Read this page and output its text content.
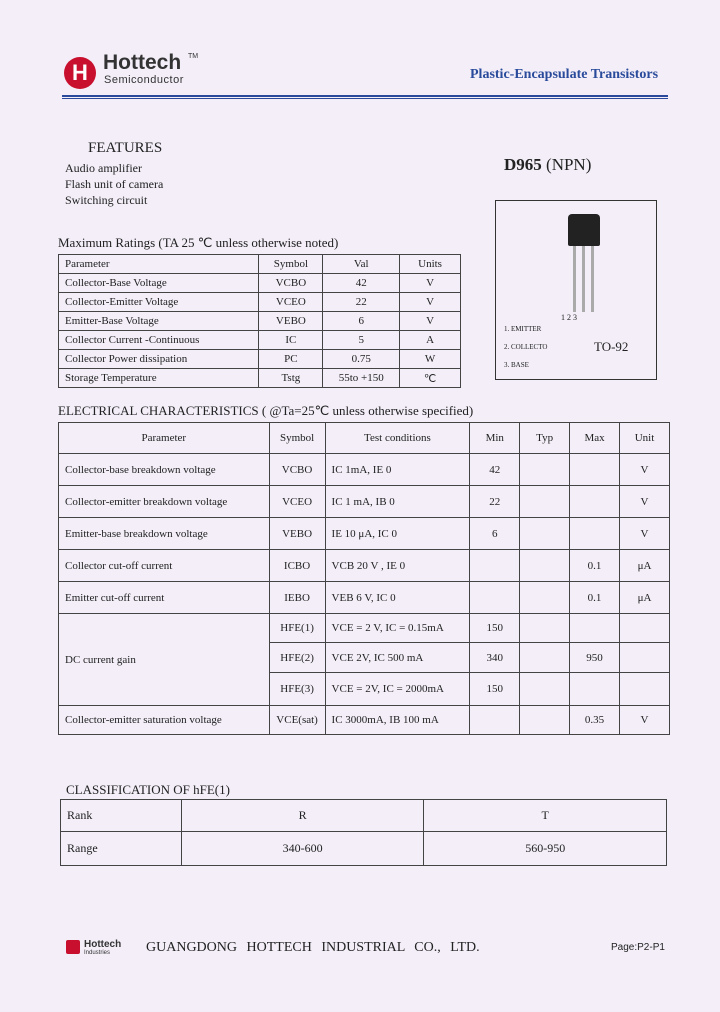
H Hottech TM
Semiconductor	Plastic-Encapsulate Transistors
FEATURES
Audio amplifier
Flash unit of camera
Switching circuit
D965 (NPN)
1 2 3
1. EMITTER
2. COLLECTO
3. BASE
TO-92
Maximum Ratings (TA 25 ℃ unless otherwise noted)
Parameter	Symbol	Val	Units
Collector-Base Voltage	VCBO	42	V
Collector-Emitter Voltage	VCEO	22	V
Emitter-Base Voltage	VEBO	6	V
Collector Current -Continuous	IC	5	A
Collector Power dissipation	PC	0.75	W
Storage Temperature	Tstg	55to +150	℃
ELECTRICAL CHARACTERISTICS ( @Ta=25℃ unless otherwise specified)
Parameter	Symbol	Test conditions	Min	Typ	Max	Unit
Collector-base breakdown voltage	VCBO	IC 1mA, IE 0	42			V
Collector-emitter breakdown voltage	VCEO	IC 1 mA, IB 0	22			V
Emitter-base breakdown voltage	VEBO	IE 10 μA, IC 0	6			V
Collector cut-off current	ICBO	VCB 20 V , IE 0			0.1	μA
Emitter cut-off current	IEBO	VEB 6 V, IC 0			0.1	μA
DC current gain	HFE(1)	VCE = 2 V, IC = 0.15mA	150			
	HFE(2)	VCE 2V, IC 500 mA	340		950	
	HFE(3)	VCE = 2V, IC = 2000mA	150			
Collector-emitter saturation voltage	VCE(sat)	IC 3000mA, IB 100 mA			0.35	V
CLASSIFICATION OF hFE(1)
Rank	R	T
Range	340-600	560-950
Hottech
Industries	GUANGDONG HOTTECH INDUSTRIAL CO., LTD.	Page:P2-P1
